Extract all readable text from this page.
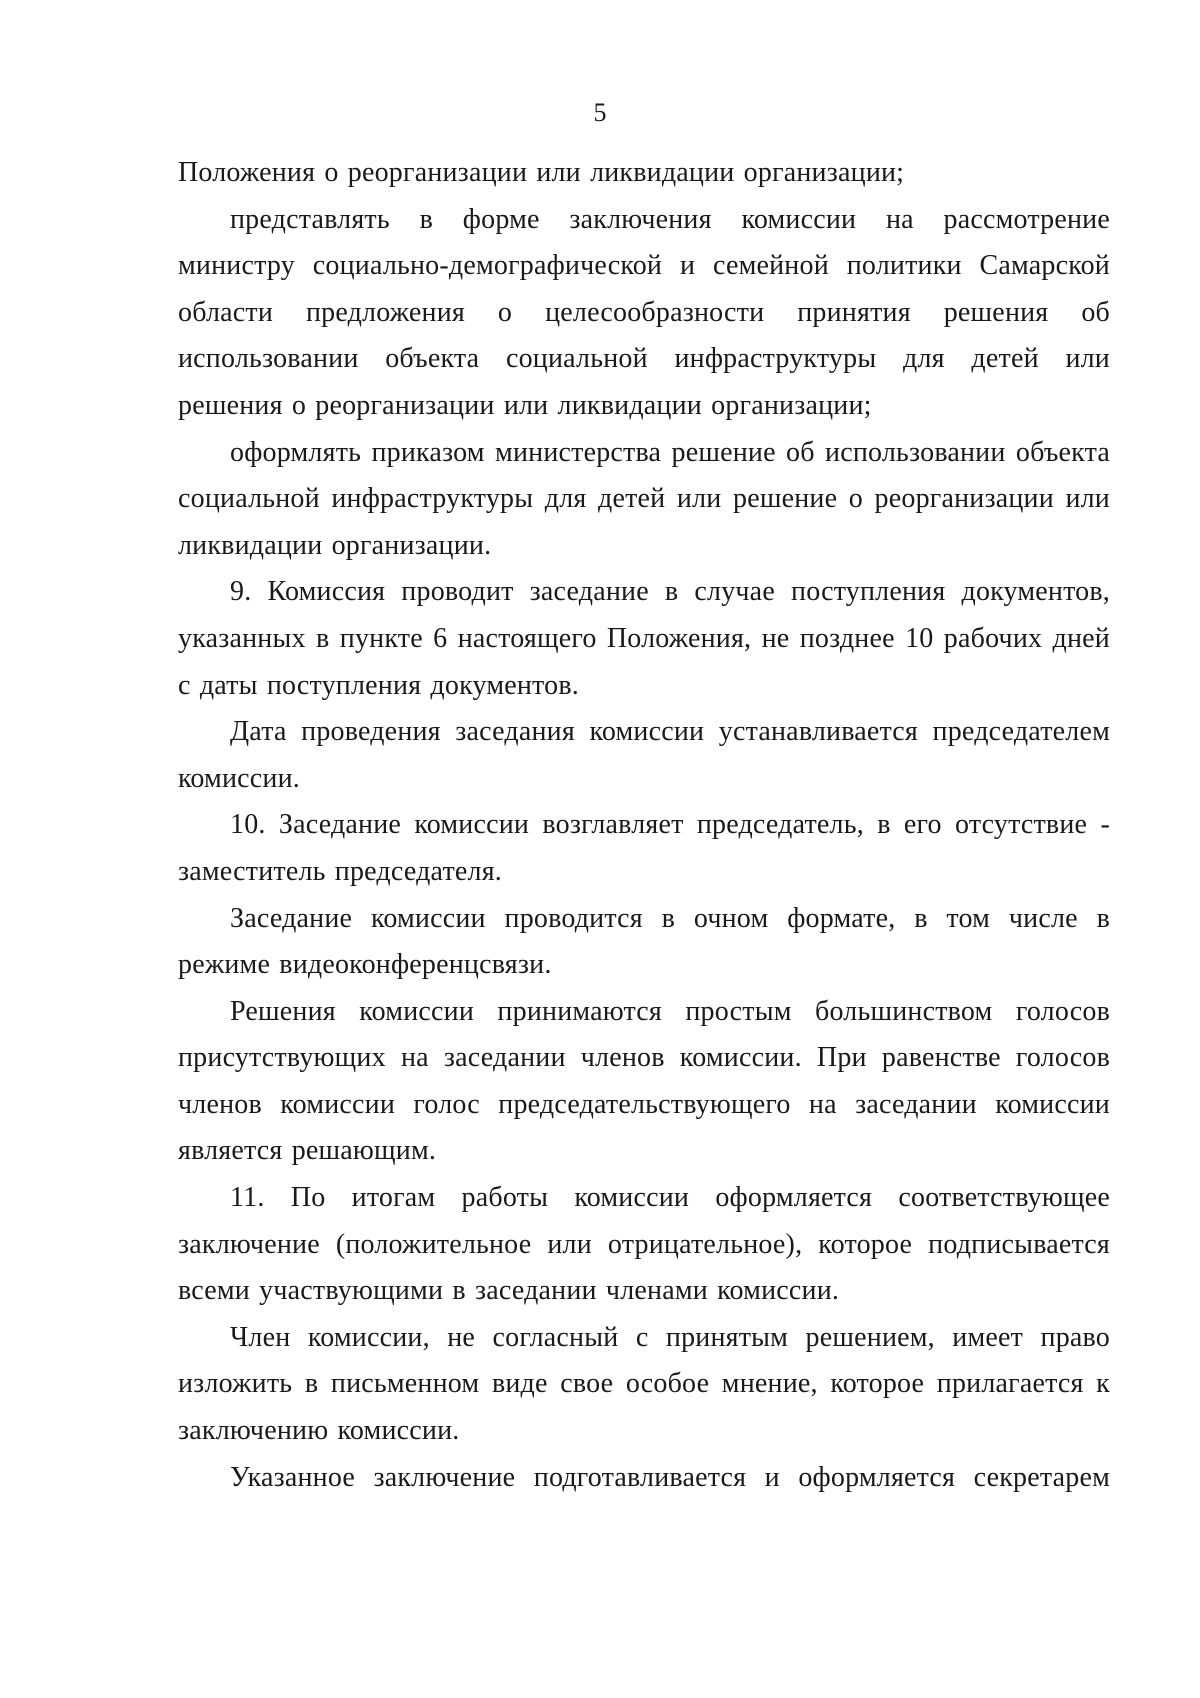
5

Положения о реорганизации или ликвидации организации;

представлять в форме заключения комиссии на рассмотрение министру социально-демографической и семейной политики Самарской области предложения о целесообразности принятия решения об использовании объекта социальной инфраструктуры для детей или решения о реорганизации или ликвидации организации;

оформлять приказом министерства решение об использовании объекта социальной инфраструктуры для детей или решение о реорганизации или ликвидации организации.

9. Комиссия проводит заседание в случае поступления документов, указанных в пункте 6 настоящего Положения, не позднее 10 рабочих дней с даты поступления документов.

Дата проведения заседания комиссии устанавливается председателем комиссии.

10. Заседание комиссии возглавляет председатель, в его отсутствие - заместитель председателя.

Заседание комиссии проводится в очном формате, в том числе в режиме видеоконференцсвязи.

Решения комиссии принимаются простым большинством голосов присутствующих на заседании членов комиссии. При равенстве голосов членов комиссии голос председательствующего на заседании комиссии является решающим.

11. По итогам работы комиссии оформляется соответствующее заключение (положительное или отрицательное), которое подписывается всеми участвующими в заседании членами комиссии.

Член комиссии, не согласный с принятым решением, имеет право изложить в письменном виде свое особое мнение, которое прилагается к заключению комиссии.

Указанное заключение подготавливается и оформляется секретарем
